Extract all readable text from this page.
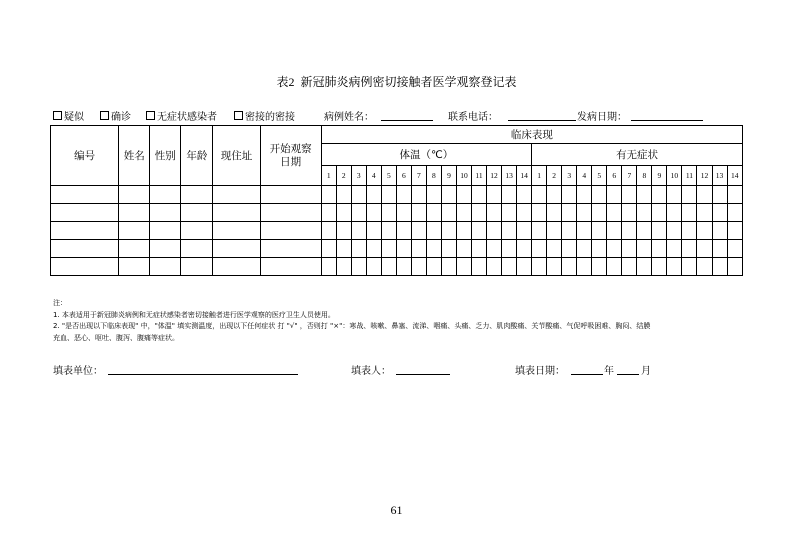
表2 新冠肺炎病例密切接触者医学观察登记表
疑似	确诊	无症状感染者	密接的密接	病例姓名：	联系电话：	发病日期：
编号	姓名	性别	年龄	现住址	开始观察日期	临床表现																											
						体温（℃）														有无症状													
						1	2	3	4	5	6	7	8	9	10	11	12	13	14	1	2	3	4	5	6	7	8	9	10	11	12	13	14

注：
1. 本表适用于新冠肺炎病例和无症状感染者密切接触者进行医学观察的医疗卫生人员使用。
2. "是否出现以下临床表现" 中，"体温" 填实测温度，出现以下任何症状 打 "√" ，否则打 "×"：寒战、咳嗽、鼻塞、流涕、咽痛、头痛、乏力、肌肉酸痛、关节酸痛、气促呼吸困难、胸闷、结膜
充血、恶心、呕吐、腹泻、腹痛等症状。
填表单位：	填表人：	填表日期：	年	月
61
